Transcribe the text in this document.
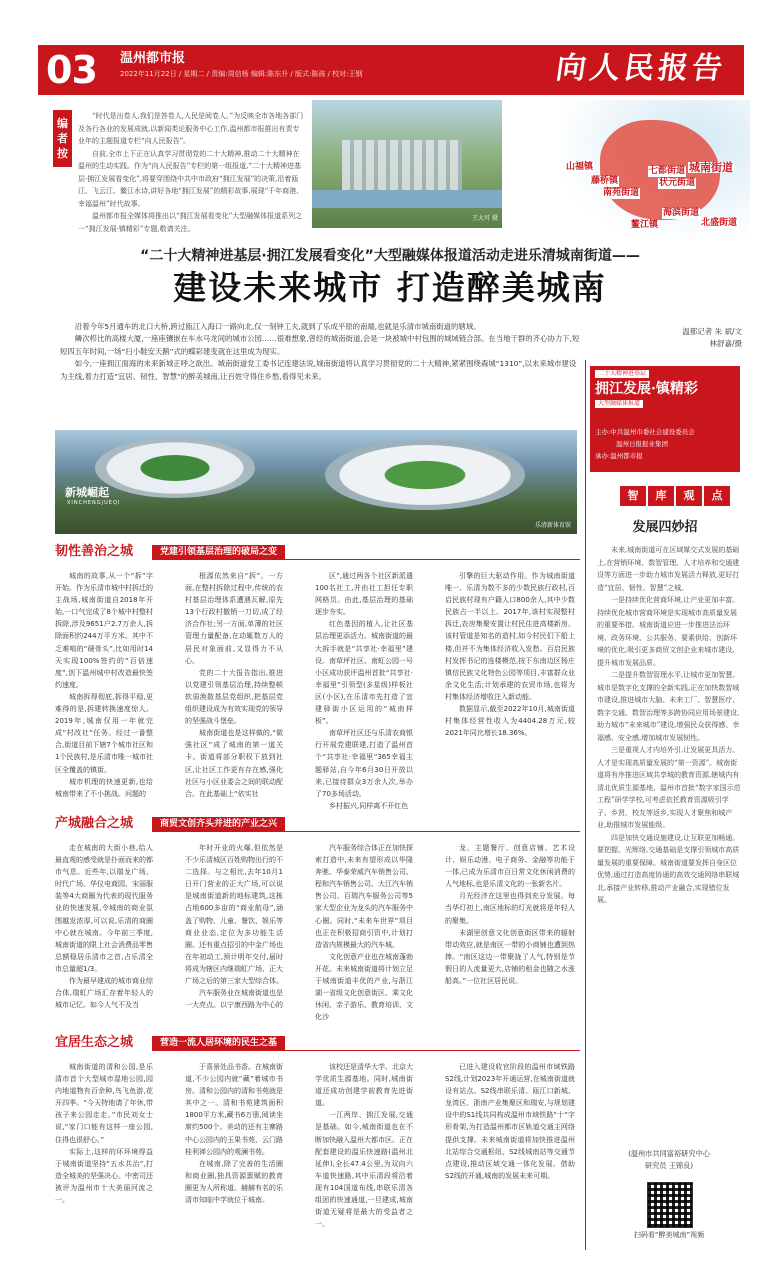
03 温州都市报
2022年11月22日 / 星期二 / 责编:周信杨 编辑:陈东升 / 版式:陈孩 / 校对:王钢	向人民报告
编者按

“时代是出卷人,我们是答卷人,人民是阅卷人。”为反映全市各地各部门及各行各业的发展成就,以新闻类论服务中心工作,温州都市报推出有责专业年的主题报道专栏“向人民报告”。

自前,全市上下正在认真学习贯彻党的二十大精神,推动二十大精神在温州的生动实践。作为“向人民报告”专栏的第一组报道,“二十大精神进基层·拥江发展看变化”,将要穿围绕中共中市政府“拥江发展”的决策,沿着瓯江、飞云江、鳌江水诗,讲好各地“拥江发展”的精彩故事,展现“千年商港、幸福温州”时代故事。

温州都市报全媒体将推出以“拥江发展看变化”大型融媒体报道系列之一“拥江发展·镇精彩”专题,敬请关注。

王大可 摄
山福镇	七都街道
藤桥镇
南苑街道
状元街道
城南街道
海滨街道
鳌江镇	北盛街道
“二十大精神进基层·拥江发展看变化”大型融媒体报道活动走进乐清城南街道——
建设未来城市 打造醉美城南

沿着今年5月通车的北口大桥,跨过瓯江入海口一路向北,仅一刻钟工夫,就到了乐成平原的南端,也就是乐清市城南街道的辖域。

鳞次栉比的高楼大厦,一座座镶嵌在车水马龙间的城市公园……很难想象,曾经的城南街道,会是一块被城中村包围的城域链合部。在当地干群的齐心协力下,短短四五年时间,一场“扫小鞋安天鹅”式的蝶彩建变就在这里成为现实。

如今,一座拥江面海的未来新城正呼之欲出。城南街道党工委书记连建法说,城南街道将认真学习贯彻党的二十大精神,紧紧围绕森城“1310”,以未来城市建设为主线,着力打造“宜居、韧性、智慧”的醉美城南,让百姓守得住乡愁,看得见未来。

温都记者 朱 斌/文
林舒嘉/摄
新城崛起
XINCHENGJUEQI
乐清新体育馆
二十大精神进基层
拥江发展·镇精彩
大型融媒体报道
主办:中共温州市委社会建设委员会
温州日报报业集团
承办:温州都市报
智	库	观	点
发展四妙招

未来,城南街道可在区域媒交式发展的基础上,在营销环境、数智管理、人才培养和交通建设等方面进一步助力城市发展活力释放,更好打造“宜居、韧性、智慧”之城。

一是持续优化营商环境,让产业更加丰富。持续优化城市营商环境是实现城市高质量发展的重要举措。城南街道应进一步推进法治环境、政务环境、公共服务、要素供给、创新环境的优化,吸引更多商贸文创企业来城市建设,提升城市发展品质。

二是提升数智管理水平,让城市更加智慧。城市是数字化支撑的全新实践,正在加快数智城市建设,推进城市大脑、未来工厂、智慧医疗、数字交通、数智治理等多跨协同应用场景建设,助力城市“未来城市”建设,增强民众获得感、幸福感、安全感,增加城市发展韧性。

三是重视人才内培外引,让发展更具活力。人才是实现高质量发展的“第一资源”。城南街道将有序推进区域共享城的教育资源,辖城内有清北优质生源基地、温州市首批“数字家国示范工程”研学学校,可考虑依托教育资源吸引学子、乡贤、校友等返乡,实现人才聚焦和城产业,助推城市发展能级。

四是加快交通设施建设,让互联更加畅通。要把握、光辉络,交通基础是支撑引领城市高质量发展的重要保障。城南街道要发挥自身区位优势,通过打造高度协通的高效交通网络串联城北,承接产业转移,推动产业融合,实现错位发展。

(温州市共同富裕研究中心
研究员 王锦良)
扫码看“醉美城南”视频
韧性善治之城	党建引领基层治理的破局之变

城南的故事,从一个“拆”字开始。作为乐清市城中村拆迁的主战场,城南街道自2018年开始,一口气完成了8个城中村整村拆除,涉及9651户2.7万余人,拆除面积约244万平方米。其中不乏难啃的“硬骨头”,比如用时14天实现100%签约的“百倍速度”,创下温州城中村改造最快签约速度。

城南拆得彻底,拆得平稳,更难得的是,拆建转换速度惊人。2019年,城南仅用一年就完成“村改社”任务。经过一番整合,街道目前下辖7个城市社区和1个民族村,是乐清市唯一城市社区全覆盖的镇街。

城市机理的快速更新,也给城南带来了不小挑战。问题的

根源依然来自“拆”。一方面,在整村拆除过程中,传统的农村基层治理体系遭遇瓦解,原先13个行政村撤销一刀切,成了经济合作社;另一方面,单薄的社区管理力量配备,在动辄数万人的居民对象面前,又显得力不从心。

党的二十大报告指出,推进以党建引领基层治理,持续整顿软弱涣散基层党组织,把基层党组织建设成为有效实现党的领导的坚强战斗堡垒。

城南街道也是这样做的,“做强社区”成了城南的第一道关卡。街道将部分职权下放到社区,让社区工作更有存在感,强化社区与小区业委会之间的联动配合。在此基础上“依实社

区”,通过两各个社区新派遣100名社工,并由社工担任专职网格员。由此,基层治理的基础逐步夯实。

红色基因的植入,让社区基层治理更添活力。城南街道的最大拆手就是“共享社·幸福里”建设。南草坪社区、南虹公园一号小区成功获评温州首批“共享社·幸福里”引领型(多星级)样板社区(小区),在乐清市先打造了宜建驿街小区运用的“城南样板”。

南草坪社区还与乐清农商银行开展党建联建,打造了温州首个“共享社·幸福里”365幸福主题驿站,自今年6月30日开放以来,已接待群众3万余人次,举办了70多场活动。

乡村振兴,同样离不开红色

引擎的巨大驱动作用。作为城南街道唯一、乐清为数不多的少数民族行政村,百启民族村现有户籍人口800余人,其中少数民族占一半以上。2017年,该村实现整村拆迁,农房集聚安置让村民住进高楼新房。该村管道是知名的造村,如今村民们下船上楼,但并不为集体经济收入发愁。百启民族村发挥书记的连楼模范,按下东南边区杨庄镇信民族文化特色公园等项目,丰富群众业余文化生活;计划承建的农贸市场,也将为村集体经济增收注入新动能。

数据显示,截至2022年10月,城南街道村集体经营性收入为4404.28万元,较2021年同比增长18.36%。

产城融合之城	商贸文创齐头并进的产业之兴

走在城南的大街小巷,给人最直观的感受就是扑面而来的都市气息。近些年,以瑞龙广场、时代广场、华仪电商园、宋丽服装等4大商圈为代表的现代服务业的快速发展,令城南的商业氛围越发浓厚,可以说,乐清的商圈中心就在城南。今年前三季度,城南街道的限上社会消费品零售总额稳居乐清市之首,占乐清全市总量超1/3。

作为最早建成的城市商业综合体,瑞虹广场汇存着年轻人的城市记忆。如今人气不及当

年时开业的火爆,但依然是不少乐清城区百姓购物出行的不二选择。与之相比,去年10月1日开门营业的正大广场,可以说是城南街道新的地标建筑,这栋占地600多亩的“商业航母”,涵盖了购物、儿童、餐饮、娱乐等商业业态,定位为多功能生活圈。还有重点招引的中金广场也在年初动工,预计明年交付,届时将成为辖区内继瑞虹广场、正大广场之后的第三家大型综合体。

汽车服务业在城南街道也是一大亮点。以宁康西路为中心的

汽车服务综合体正在加快探索打造中,未来有望形成以华隆奔驰、华泰荣威汽车销售公司、程和汽车销售公司、大江汽车销售公司、百瑞汽车服务公司等5家大型企业为龙头的汽车服务中心圈。同时,“未来车世界”项目也正在积极招商引资中,计划打造省内规模最大的汽车城。

文化创意产业也在城南蓬勃开花。未来城南街道将计划立足于城南街道丰优的产业,与浙江湖一省级文化创意街区、乘文化休闲、亲子游乐、教育培训、文化沙

龙、主题餐厅、创意店铺、艺术设计、娱乐动漫、电子商务、金融等功能于一体,已成为乐清市百日常文化休闲消费的人气地标,也是乐清文化的一张新名片。

月光经济在这里也得到充分发展。每当华灯初上,南区地标的灯光就将是年轻人的聚集。

未湖里创意文化创意街区带来的辐射带动效应,就是南区一带的小商铺也遭到热捧。“南区这边一带聚拢了人气,特别是节假日的人流量更大,店铺的租金也随之水涨船高。”一位社区居民说。

宜居生态之城	营造一流人居环境的民生之基

城南街道的清和公园,是乐清市首个大型城市湿地公园,园内地道物有百余种,鸟飞鱼游,花开四季。“今天特地请了年休,带孩子来公园走走。”市民刘女士说,“家门口能有这样一座公园,住得也很舒心。”

实际上,这样的环环境得益于城南街道坚持“五水共治”,打造全城美的坚强决心。中密司还被评为温州市十大美丽河流之一。

于喜景处品书香。在城南街道,不少公园内就“藏”着城市书房。清和公园内的清和书苑就是其中之一。清和书苑建筑面积1800平方米,藏书6万册,阅读坐席约500个。美动的还有主寨路中心公园内的玉果书苑、云门路桂利禅公园内的观澜书苑。

在城南,除了完善的生活圈和商业圈,独具资源禀赋的教育圈更为人所称道。赫赫有名的乐清市知临中学就位于城南。

该校还是清华大学、北京大学优质生源基地。同时,城南街道还成功创建学前教育先进街道。

一江两岸、拥江发展,交通是基础。如今,城南街道也在不断加快融入温州大都市区。正在配套建设的温乐快速路(温州北延伸),全长47.4公里,为双向六车道快速路,其中乐清段将沿着现有104国道布线,串联乐清各组团的快速通道,一旦建成,城南街道无疑将是最大的受益者之一。

已进入建设收官阶段的温州市域铁路S2线,计划2023年开通运营,在城南街道就设有站点。S2线串联乐清、瓯江口新城、龙湾区、浙南产业集聚区和瑞安,与规划建设中的S1线共同构成温州市域铁路“十”字形骨架,为打造温州都市区轨道交通主网络提供支撑。未来城南街道将加快推进温州北站综合交通枢纽、S2线城南站等交通节点建设,推动区域交通一体化发展。借助S2线的开通,城南的发展未来可期。
